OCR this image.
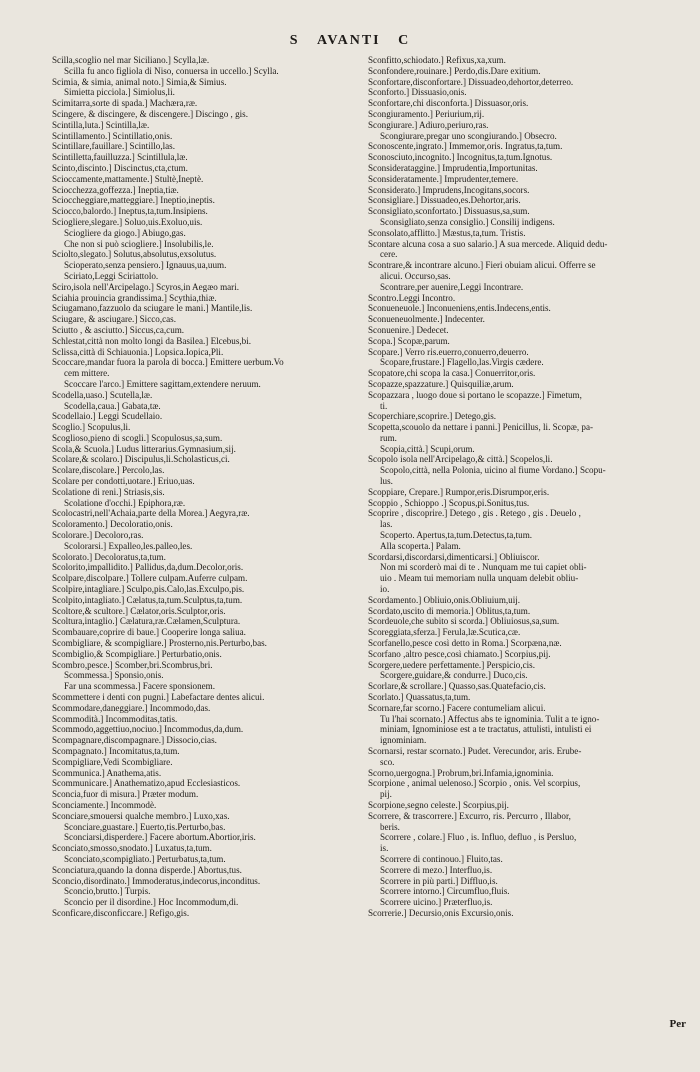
S AVANTI C

Scilla,scoglio nel mar Siciliano.] Scylla,læ.

Scilla fu anco figliola di Niso, conuersa in uccello.] Scylla.

Scimia, & simia, animal noto.] Simia,& Simius.

Simietta picciola.] Simiolus,li.

Scimitarra,sorte di spada.] Machæra,ræ.

Scingere, & discingere, & discengere.] Discingo , gis.

Scintilla,luta.] Scintilla,læ.

Scintillamento.] Scintillatio,onis.

Scintillare,fauillare.] Scintillo,las.

Scintilletta,fauilluzza.] Scintillula,læ.

Scinto,discinto.] Discinctus,cta,ctum.

Scioccamente,mattamente.] Stultè,Ineptè.

Sciocchezza,goffezza.] Ineptia,tiæ.

Scioccheggiare,matteggiare.] Ineptio,ineptis.

Sciocco,balordo.] Ineptus,ta,tum.Insipiens.

Sciogliere,slegare.] Soluo,uis.Exoluo,uis.

Sciogliere da giogo.] Abiugo,gas.

Che non si può sciogliere.] Insolubilis,le.

Sciolto,slegato.] Solutus,absolutus,exsolutus.

Scioperato,senza pensiero.] Ignauus,ua,uum.

Sciriato,Leggi Sciriattolo.

Sciro,isola nell'Arcipelago.] Scyros,in Aegæo mari.

Sciahia prouincia grandissima.] Scythia,thiæ.

Sciugamano,fazzuolo da sciugare le mani.] Mantile,lis.

Sciugare, & asciugare.] Sicco,cas.

Sciutto , & asciutto.] Siccus,ca,cum.

Schlestat,città non molto longi da Basilea.] Elcebus,bi.

Sclissa,città di Schiauonia.] Lopsica.Iopica,Pli.

Scoccare,mandar fuora la parola di bocca.] Emittere uerbum.Vo

cem mittere.

Scoccare l'arco.] Emittere sagittam,extendere neruum.

Scodella,uaso.] Scutella,læ.

Scodella,caua.] Gabata,tæ.

Scodellaio.] Leggi Scudellaio.

Scoglio.] Scopulus,li.

Scoglioso,pieno di scogli.] Scopulosus,sa,sum.

Scola,& Scuola.] Ludus litterarius.Gymnasium,sij.

Scolare,& scolaro.] Discipulus,li.Scholasticus,ci.

Scolare,discolare.] Percolo,las.

Scolare per condotti,uotare.] Eriuo,uas.

Scolatione di reni.] Striasis,sis.

Scolatione d'occhi.] Epiphora,ræ.

Scolocastri,nell'Achaia,parte della Morea.] Aegyra,ræ.

Scoloramento.] Decoloratio,onis.

Scolorare.] Decoloro,ras.

Scolorarsi.] Expalleo,les.palleo,les.

Scolorato.] Decoloratus,ta,tum.

Scolorito,impallidito.] Pallidus,da,dum.Decolor,oris.

Scolpare,discolpare.] Tollere culpam.Auferre culpam.

Scolpire,intagliare.] Sculpo,pis.Calo,las.Exculpo,pis.

Scolpito,intagliato.] Cælatus,ta,tum.Sculptus,ta,tum.

Scoltore,& scultore.] Cælator,oris.Sculptor,oris.

Scoltura,intaglio.] Cælatura,ræ.Cælamen,Sculptura.

Scombauare,coprire di baue.] Cooperire longa saliua.

Scombigliare, & scompigliare.] Prosterno,nis.Perturbo,bas.

Scombiglio,& Scompigliare.] Perturbatio,onis.

Scombro,pesce.] Scomber,bri.Scombrus,bri.

Scommessa.] Sponsio,onis.

Far una scommessa.] Facere sponsionem.

Scommettere i denti con pugni.] Labefactare dentes alicui.

Scommodare,daneggiare.] Incommodo,das.

Scommodità.] Incommoditas,tatis.

Scommodo,aggettiuo,nociuo.] Incommodus,da,dum.

Scompagnare,discompagnare.] Dissocio,cias.

Scompagnato.] Incomitatus,ta,tum.

Scompigliare,Vedi Scombigliare.

Scommunica.] Anathema,atis.

Scommunicare.] Anathematizo,apud Ecclesiasticos.

Sconcia,fuor di misura.] Præter modum.

Sconciamente.] Incommodè.

Sconciare,smouersi qualche membro.] Luxo,xas.

Sconciare,guastare.] Euerto,tis.Perturbo,bas.

Sconciarsi,disperdere.] Facere abortum.Abortior,iris.

Sconciato,smosso,snodato.] Luxatus,ta,tum.

Sconciato,scompigliato.] Perturbatus,ta,tum.

Sconciatura,quando la donna disperde.] Abortus,tus.

Sconcio,disordinato.] Immoderatus,indecorus,inconditus.

Sconcio,brutto.] Turpis.

Sconcio per il disordine.] Hoc Incommodum,di.

Sconficare,disconficcare.] Refigo,gis.

Sconfitto,schiodato.] Refixus,xa,xum.

Sconfondere,rouinare.] Perdo,dis.Dare exitium.

Sconfortare,disconfortare.] Dissuadeo,dehortor,deterreo.

Sconforto.] Dissuasio,onis.

Sconfortare,chi disconforta.] Dissuasor,oris.

Scongiuramento.] Periurium,rij.

Scongiurare.] Adiuro,periuro,ras.

Scongiurare,pregar uno scongiurando.] Obsecro.

Sconoscente,ingrato.] Immemor,oris. Ingratus,ta,tum.

Sconosciuto,incognito.] Incognitus,ta,tum.Ignotus.

Sconsiderataggine.] Imprudentia,Importunitas.

Sconsideratamente.] Imprudenter,temere.

Sconsiderato.] Imprudens,Incogitans,socors.

Sconsigliare.] Dissuadeo,es.Dehortor,aris.

Sconsigliato,sconfortato.] Dissuasus,sa,sum.

Sconsigliato,senza consiglio.] Consilij indigens.

Sconsolato,afflitto.] Mæstus,ta,tum. Tristis.

Scontare alcuna cosa a suo salario.] A sua mercede. Aliquid dedu-

cere.

Scontrare,& incontrare alcuno.] Fieri obuiam alicui. Offerre se

alicui. Occurso,sas.

Scontrare,per auenire,Leggi Incontrare.

Scontro.Leggi Incontro.

Sconueneuole.] Inconueniens,entis.Indecens,entis.

Sconueneuolmente.] Indecenter.

Sconuenire.] Dedecet.

Scopa.] Scopæ,parum.

Scopare.] Verro ris.euerro,conuerro,deuerro.

Scopare,frustare.] Flagello,las.Virgis cædere.

Scopatore,chi scopa la casa.] Conuerritor,oris.

Scopazze,spazzature.] Quisquiliæ,arum.

Scopazzara , luogo doue si portano le scopazze.] Fimetum,

ti.

Scoperchiare,scoprire.] Detego,gis.

Scopetta,scouolo da nettare i panni.] Penicillus, li. Scopæ, pa-

rum.

Scopia,città.] Scupi,orum.

Scopolo isola nell'Arcipelago,& città.] Scopelos,li.

Scopolo,città, nella Polonia, uicino al fiume Vordano.] Scopu-

lus.

Scoppiare, Crepare.] Rumpor,eris.Disrumpor,eris.

Scoppio , Schioppo .] Scopus,pi.Sonitus,tus.

Scoprire , discoprire.] Detego , gis . Retego , gis . Deuelo ,

las.

Scoperto. Apertus,ta,tum.Detectus,ta,tum.

Alla scoperta.] Palam.

Scordarsi,discordarsi,dimenticarsi.] Obliuiscor.

Non mi scorderò mai di te . Nunquam me tui capiet obli-

uio . Meam tui memoriam nulla unquam delebit obliu-

io.

Scordamento.] Obliuio,onis.Obliuium,uij.

Scordato,uscito di memoria.] Oblitus,ta,tum.

Scordeuole,che subito si scorda.] Obliuiosus,sa,sum.

Scoreggiata,sferza.] Ferula,læ.Scutica,cæ.

Scorfanello,pesce così detto in Roma.] Scorpæna,næ.

Scorfano ,altro pesce,così chiamato.] Scorpius,pij.

Scorgere,uedere perfettamente.] Perspicio,cis.

Scorgere,guidare,& condurre.] Duco,cis.

Scorlare,& scrollare.] Quasso,sas.Quatefacio,cis.

Scorlato.] Quassatus,ta,tum.

Scornare,far scorno.] Facere contumeliam alicui.

Tu l'hai scornato.] Affectus abs te ignominia. Tulit a te igno-

miniam, Ignominiose est a te tractatus, attulisti, intulisti ei

ignominiam.

Scornarsi, restar scornato.] Pudet. Verecundor, aris. Erube-

sco.

Scorno,uergogna.] Probrum,bri.Infamia,ignominia.

Scorpione , animal uelenoso.] Scorpio , onis. Vel scorpius,

pij.

Scorpione,segno celeste.] Scorpius,pij.

Scorrere, & trascorrere.] Excurro, ris. Percurro , Illabor,

beris.

Scorrere , colare.] Fluo , is. Influo, defluo , is Persluo,

is.

Scorrere di continouo.] Fluito,tas.

Scorrere di mezo.] Interfluo,is.

Scorrere in più parti.] Diffluo,is.

Scorrere intorno.] Circumfluo,fluis.

Scorrere uicino.] Præterfluo,is.

Scorrerie.] Decursio,onis Excursio,onis.

Per
